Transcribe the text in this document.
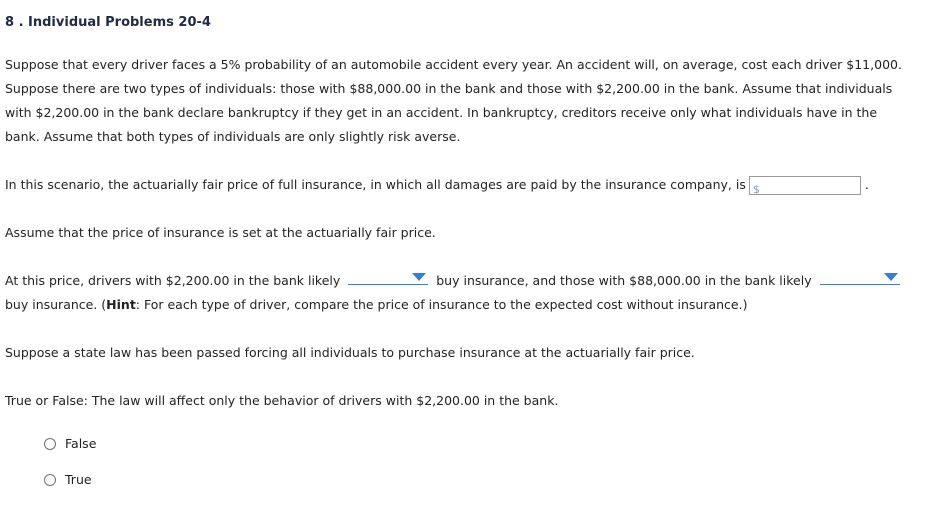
8 . Individual Problems 20-4
Suppose that every driver faces a 5% probability of an automobile accident every year. An accident will, on average, cost each driver $11,000. Suppose there are two types of individuals: those with $88,000.00 in the bank and those with $2,200.00 in the bank. Assume that individuals with $2,200.00 in the bank declare bankruptcy if they get in an accident. In bankruptcy, creditors receive only what individuals have in the bank. Assume that both types of individuals are only slightly risk averse.
In this scenario, the actuarially fair price of full insurance, in which all damages are paid by the insurance company, is $	.
Assume that the price of insurance is set at the actuarially fair price.
At this price, drivers with $2,200.00 in the bank likely	buy insurance, and those with $88,000.00 in the bank likely
buy insurance. (Hint: For each type of driver, compare the price of insurance to the expected cost without insurance.)
Suppose a state law has been passed forcing all individuals to purchase insurance at the actuarially fair price.
True or False: The law will affect only the behavior of drivers with $2,200.00 in the bank.
False
True
